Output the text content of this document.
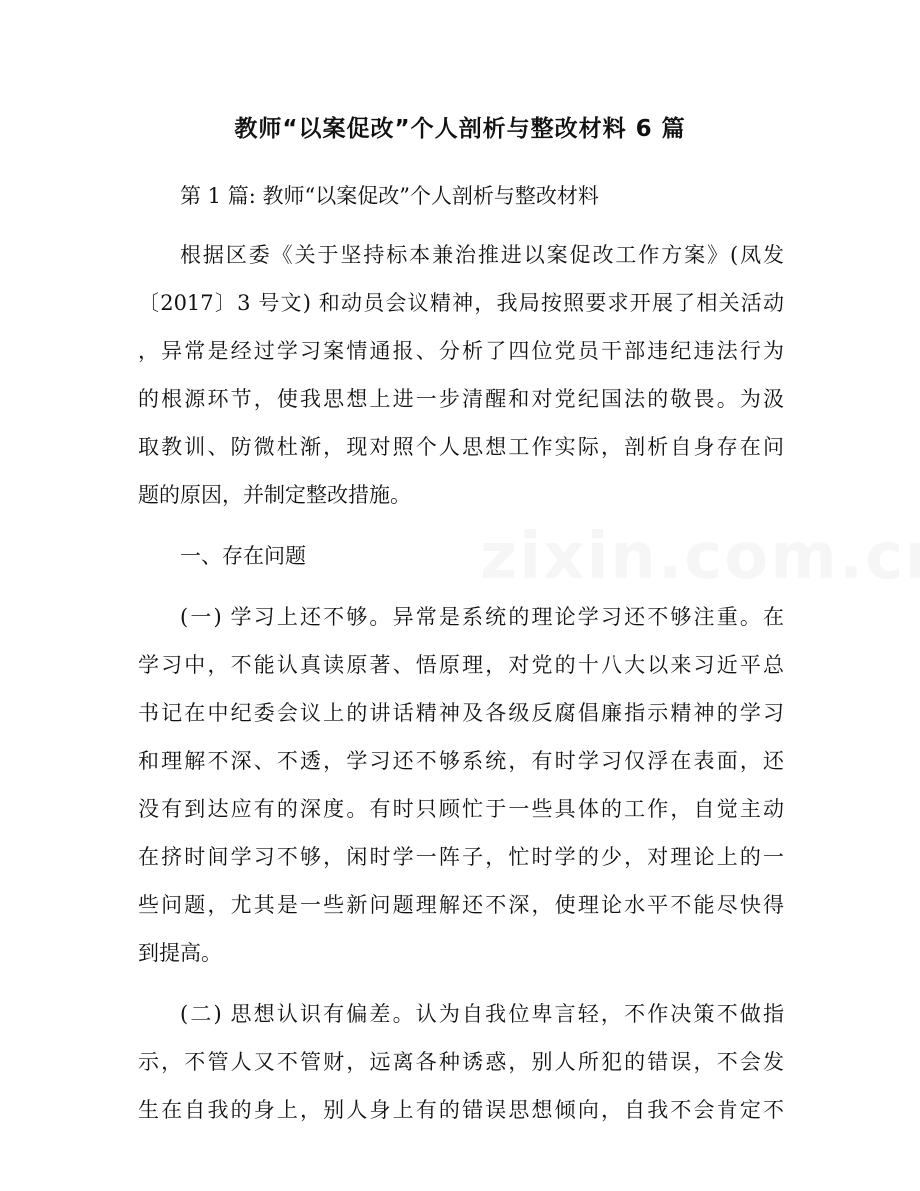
教师“以案促改”个人剖析与整改材料 6 篇

第 1 篇: 教师“以案促改”个人剖析与整改材料

根据区委《关于坚持标本兼治推进以案促改工作方案》(凤发

〔2017〕3 号文) 和动员会议精神，我局按照要求开展了相关活动

，异常是经过学习案情通报、分析了四位党员干部违纪违法行为

的根源环节，使我思想上进一步清醒和对党纪国法的敬畏。为汲

取教训、防微杜渐，现对照个人思想工作实际，剖析自身存在问

题的原因，并制定整改措施。

一、存在问题

(一) 学习上还不够。异常是系统的理论学习还不够注重。在

学习中，不能认真读原著、悟原理，对党的十八大以来习近平总

书记在中纪委会议上的讲话精神及各级反腐倡廉指示精神的学习

和理解不深、不透，学习还不够系统，有时学习仅浮在表面，还

没有到达应有的深度。有时只顾忙于一些具体的工作，自觉主动

在挤时间学习不够，闲时学一阵子，忙时学的少，对理论上的一

些问题，尤其是一些新问题理解还不深，使理论水平不能尽快得

到提高。

(二) 思想认识有偏差。认为自我位卑言轻，不作决策不做指

示，不管人又不管财，远离各种诱惑，别人所犯的错误，不会发

生在自我的身上，别人身上有的错误思想倾向，自我不会肯定不
